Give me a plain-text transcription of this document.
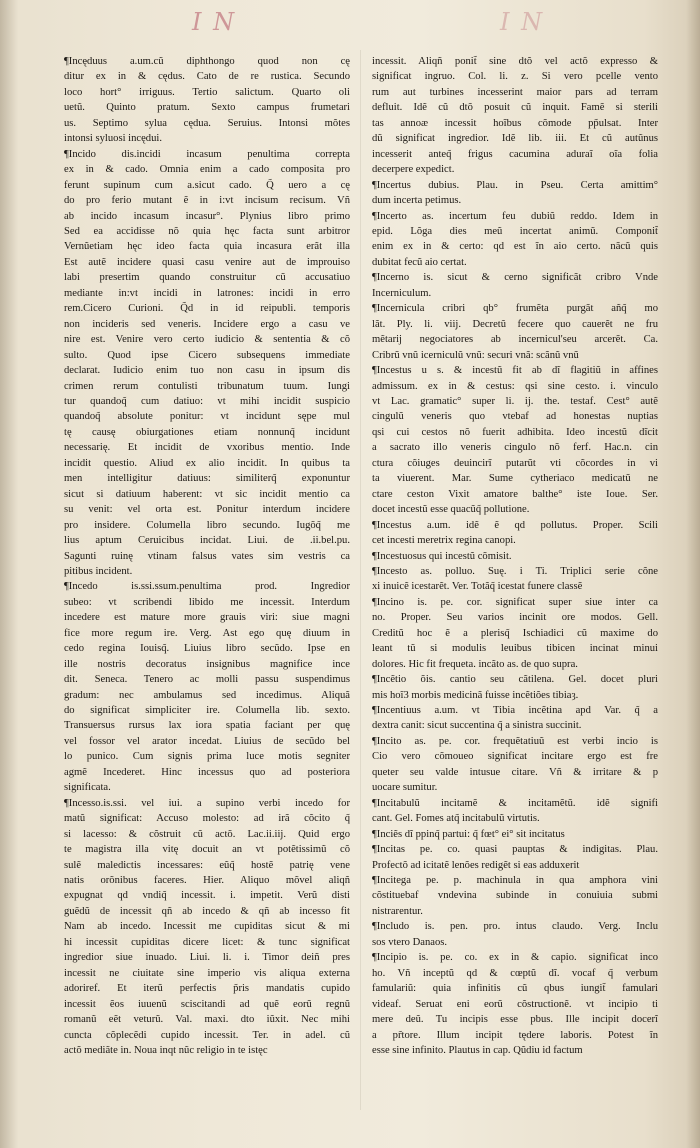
I N	I N
¶Incęduus a.um.cũ diphthongo quod non cę
ditur ex in & cędus. Cato de re rustica. Secundo
loco hort° irriguus. Tertio salictum. Quarto oli
uetũ. Quinto pratum. Sexto campus frumetari
us. Septimo sylua cędua. Seruius. Intonsi mõtes
intonsi syluosi incędui.
¶Incido dis.incidi incasum penultima correpta
ex in & cado. Omnia enim a cado composita pro
ferunt supinum cum a.sicut cado. Q̃ uero a cę
do pro ferio mutant ẽ in i:vt incisum recisum. Vñ
ab incido incasum incasur°. Plynius libro primo
Sed ea accidisse nõ quia hęc facta sunt arbitror
Vernũetiam hęc ideo facta quia incasura erãt illa
Est autẽ incidere quasi casu venire aut de improuiso
labi presertim quando construitur cũ accusatiuo
mediante in:vt incidi in latrones: incidi in erro
rem.Cicero Curioni. Q̃d in id reipubli. temporis
non incideris sed veneris. Incidere ergo a casu ve
nire est. Venire vero certo iudicio & sententia & cõ
sulto. Quod ipse Cicero subsequens immediate
declarat. Iudicio enim tuo non casu in ipsum dis
crimen rerum contulisti tribunatum tuum. Iungi
tur quandoq̃ cum datiuo: vt mihi incidit suspicio
quandoq̃ absolute ponitur: vt incidunt sępe mul
tę causę obiurgationes etiam nonnunq̃ incidunt
necessarię. Et incidit de vxoribus mentio. Inde
incidit questio. Aliud ex alio incidit. In quibus ta
men intelligitur datiuus: similiterq̃ exponuntur
sicut si datiuum haberent: vt sic incidit mentio ca
su venit: vel orta est. Ponitur interdum incidere
pro insidere. Columella libro secundo. Iugõq̃ me
lius aptum Ceruicibus incidat. Liui. de .ii.bel.pu.
Sagunti ruinę vtinam falsus vates sim vestris ca
pitibus incident.
¶Incedo is.ssi.ssum.penultima prod. Ingredior
subeo: vt scribendi libido me incessit. Interdum
incedere est mature more grauis viri: siue magni
fice more regum ire. Verg. Ast ego quę diuum in
cedo regina Iouisq̃. Liuius libro secũdo. Ipse en
ille nostris decoratus insignibus magnifice ince
dit. Seneca. Tenero ac molli passu suspendimus
gradum: nec ambulamus sed incedimus. Aliquã
do significat simpliciter ire. Columella lib. sexto.
Transuersus rursus lax iora spatia faciant per quę
vel fossor vel arator incedat. Liuius de secũdo bel
lo punico. Cum signis prima luce motis segniter
agmẽ Incederet. Hinc incessus quo ad posteriora
significata.
¶Incesso.is.ssi. vel iui. a supino verbi incedo for
matũ significat: Accuso molesto: ad irã cõcito q̃
si lacesso: & cõstruit cũ actõ. Lac.ii.iij. Quid ergo
te magistra illa vitę docuit an vt potẽtissimũ cõ
sulẽ maledictis incessares: eũq̃ hostẽ patrię vene
natis orõnibus faceres. Hier. Aliquo mõvel aliqñ
expugnat qd vndiq̃ incessit. i. impetit. Verũ disti
guẽdũ de incessit qñ ab incedo & qñ ab incesso fit
Nam ab incedo. Incessit me cupiditas sicut & mi
hi incessit cupiditas dicere licet: & tunc significat
ingredior siue inuado. Liui. li. i. Timor deiñ pres
incessit ne ciuitate sine imperio vis aliqua externa
adoriref. Et iterũ perfectis p̃ris mandatis cupido
incessit ẽos iuuenũ sciscitandi ad quẽ eorũ regnũ
romanũ eẽt veturũ. Val. maxi. dto iũxit. Nec mihi
cuncta cõplecẽdi cupido incessit. Ter. in adel. cũ
actõ mediãte in. Noua inqt nũc religio in te istęc
incessit. Aliqñ ponit̃ sine dtõ vel actõ expresso &
significat ingruo. Col. li. z. Si vero pcelle vento
rum aut turbines incesserint maior pars ad terram
defluit. Idẽ cũ dtõ posuit cũ inquit. Famẽ si sterili
tas annoæ incessit hoĩbus cõmode pp̃ulsat. Inter
dũ significat ingredior. Idẽ lib. iii. Et cũ autũnus
incesserit anteq̃ frigus cacumina aduraĩ oĩa folia
decerpere expedict.
¶Incertus dubius. Plau. in Pseu. Certa amittim°
dum incerta petimus.
¶Incerto as. incertum feu dubiũ reddo. Idem in
epid. Lõga dies meũ incertat animũ. Componit̃
enim ex in & certo: qd est ĩn aio certo. nãcũ quis
dubitat fecũ aio certat.
¶Incerno is. sicut & cerno significãt cribro Vnde
Incerniculum.
¶Incernicula cribri qb° frumẽta purgãt añq̃ mo
lãt. Ply. li. viij. Decretũ fecere quo cauerẽt ne fru
mẽtarij negociatores ab incernicul'seu arcerẽt. Ca.
Cribrũ vnũ icerniculũ vnũ: securi vnã: scãnũ vnũ
¶Incestus u s. & incestũ fit ab dĩ flagitiũ in affines
admissum. ex in & cestus: qsi sine cesto. i. vinculo
vt Lac. gramatic° super li. ij. the. testaf. Cest° autẽ
cingulũ veneris quo vtebaf ad honestas nuptias
qsi cui cestos nõ fuerit adhibita. Ideo incestũ dĩcit
a sacrato illo veneris cingulo nõ ferf. Hac.n. cin
ctura cõiuges deuincirĩ putarũt vti cõcordes in vi
ta viuerent. Mar. Sume cytheriaco medicatũ ne
ctare ceston Vixit amatore balthe° iste Ioue. Ser.
docet incestũ esse quacũq̃ pollutione.
¶Incestus a.um. idẽ ẽ qd pollutus. Proper. Scili
cet incesti meretrix regina canopi.
¶Incestuosus qui incestũ cõmisit.
¶Incesto as. polluo. Suę. i Ti. Triplici serie cõne
xi inuicẽ icestarẽt. Ver. Totãq̃ icestat funere classẽ
¶Incino is. pe. cor. significat super siue inter ca
no. Proper. Seu varios incinit ore modos. Gell.
Creditũ hoc ẽ a plerisq̃ Ischiadici cũ maxime do
leant tũ si modulis leuibus tibicen incinat minui
dolores. Hic fit frequeta. incãto as. de quo supra.
¶Incẽtio õis. cantio seu cãtilena. Gel. docet pluri
mis hoĩ3 morbis medicinã fuisse incẽtiões tibiaȝ.
¶Incentiuus a.um. vt Tibia incẽtina apd Var. q̃ a
dextra canit: sicut succentina q̃ a sinistra succinit.
¶Incito as. pe. cor. frequẽtatiuũ est verbi incio is
Cio vero cõmoueo significat incitare ergo est fre
queter seu valde intusue citare. Vñ & irritare & p
uocare sumitur.
¶Incitabulũ incitamẽ & incitamẽtũ. idẽ signifi
cant. Gel. Fomes atq̃ incitabulũ virtutis.
¶Inciẽs dĩ ppinq̃ partui: q̃ fœt° ei° sit incitatus
¶Incitas pe. co. quasi pauptas & indigitas. Plau.
Profectõ ad icitatẽ lenões redigẽt si eas adduxerit
¶Incitega pe. p. machinula in qua amphora vini
cõstituebaf vndevina subinde in conuiuia submi
nistrarentur.
¶Includo is. pen. pro. intus claudo. Verg. Inclu
sos vtero Danaos.
¶Incipio is. pe. co. ex in & capio. significat inco
ho. Vñ inceptũ qd & cœptũ dĩ. vocaf q̃ verbum
famulariũ: quia infinitis cũ qbus iungit̃ famulari
videaf. Seruat eni eorũ cõstructionẽ. vt incipio ti
mere deũ. Tu incipis esse pbus. Ille incipit docerĩ
a pr̃tore. Illum incipit tędere laboris. Potest ĩn
esse sine infinito. Plautus in cap. Qũdiu id factum
